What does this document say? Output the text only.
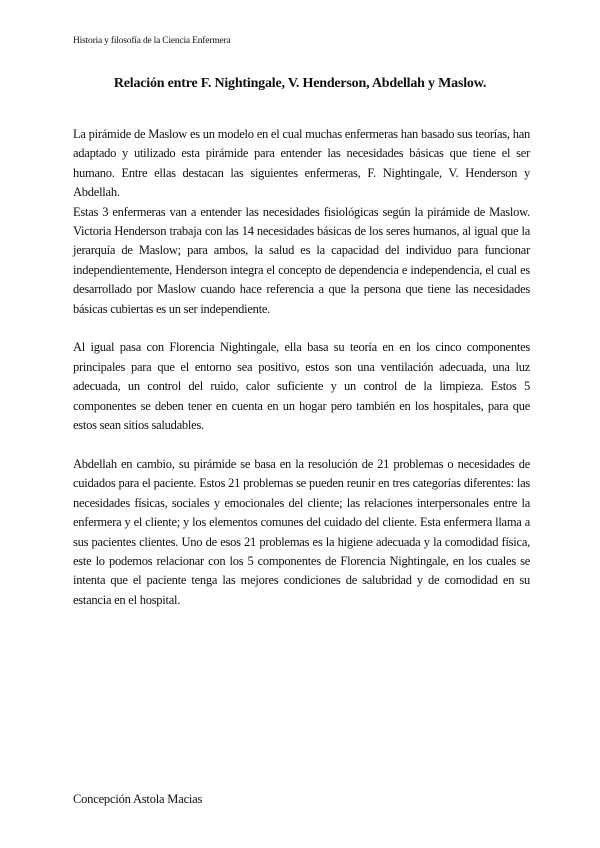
Historia y filosofía de la Ciencia Enfermera
Relación entre F. Nightingale, V. Henderson, Abdellah y Maslow.

La pirámide de Maslow es un modelo en el cual muchas enfermeras han basado sus teorías, han adaptado y utilizado esta pirámide para entender las necesidades básicas que tiene el ser humano. Entre ellas destacan las siguientes enfermeras, F. Nightingale, V. Henderson y Abdellah.

Estas 3 enfermeras van a entender las necesidades fisiológicas según la pirámide de Maslow. Victoria Henderson trabaja con las 14 necesidades básicas de los seres humanos, al igual que la jerarquía de Maslow; para ambos, la salud es la capacidad del individuo para funcionar independientemente, Henderson integra el concepto de dependencia e independencia, el cual es desarrollado por Maslow cuando hace referencia a que la persona que tiene las necesidades básicas cubiertas es un ser independiente.

Al igual pasa con Florencia Nightingale, ella basa su teoría en en los cinco componentes principales para que el entorno sea positivo, estos son una ventilación adecuada, una luz adecuada, un control del ruido, calor suficiente y un control de la limpieza. Estos 5 componentes se deben tener en cuenta en un hogar pero también en los hospitales, para que estos sean sitios saludables.

Abdellah en cambio, su pirámide se basa en la resolución de 21 problemas o necesidades de cuidados para el paciente. Estos 21 problemas se pueden reunir en tres categorías diferentes: las necesidades físicas, sociales y emocionales del cliente; las relaciones interpersonales entre la enfermera y el cliente; y los elementos comunes del cuidado del cliente. Esta enfermera llama a sus pacientes clientes. Uno de esos 21 problemas es la higiene adecuada y la comodidad física, este lo podemos relacionar con los 5 componentes de Florencia Nightingale, en los cuales se intenta que el paciente tenga las mejores condiciones de salubridad y de comodidad en su estancia en el hospital.

Concepción Astola Macias
